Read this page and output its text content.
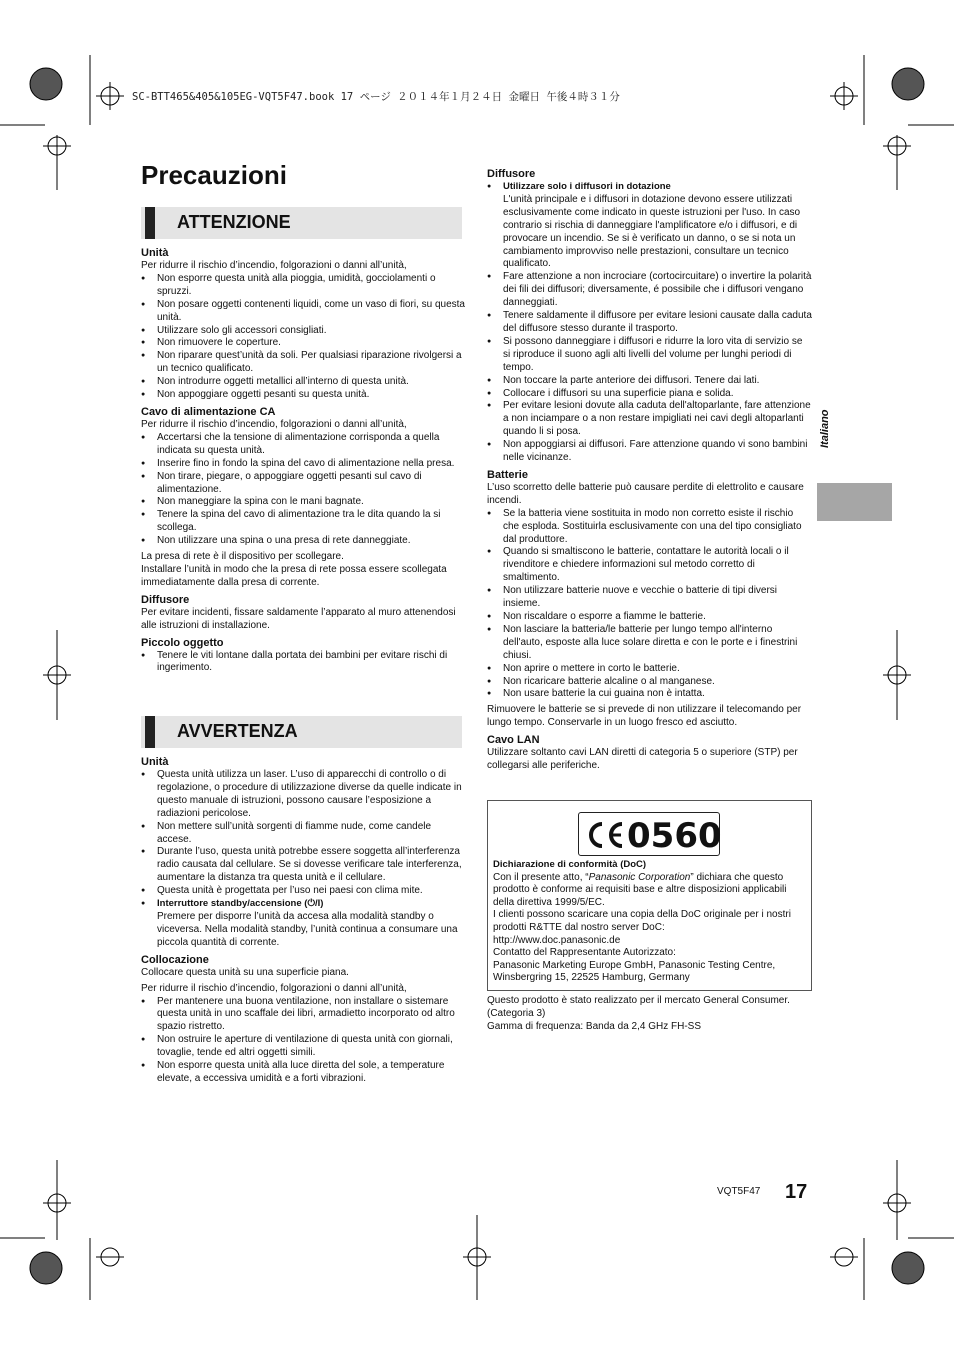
SC-BTT465&405&105EG-VQT5F47.book 17 ページ ２０１４年１月２４日 金曜日 午後４時３１分
Precauzioni
ATTENZIONE
Unità

Per ridurre il rischio d’incendio, folgorazioni o danni all’unità,

● Non esporre questa unità alla pioggia, umidità, gocciolamenti o spruzzi.
● Non posare oggetti contenenti liquidi, come un vaso di fiori, su questa unità.
● Utilizzare solo gli accessori consigliati.
● Non rimuovere le coperture.
● Non riparare quest’unità da soli. Per qualsiasi riparazione rivolgersi a un tecnico qualificato.
● Non introdurre oggetti metallici all’interno di questa unità.
● Non appoggiare oggetti pesanti su questa unità.
Cavo di alimentazione CA

Per ridurre il rischio d’incendio, folgorazioni o danni all’unità,

● Accertarsi che la tensione di alimentazione corrisponda a quella indicata su questa unità.
● Inserire fino in fondo la spina del cavo di alimentazione nella presa.
● Non tirare, piegare, o appoggiare oggetti pesanti sul cavo di alimentazione.
● Non maneggiare la spina con le mani bagnate.
● Tenere la spina del cavo di alimentazione tra le dita quando la si scollega.
● Non utilizzare una spina o una presa di rete danneggiate.

La presa di rete è il dispositivo per scollegare.

Installare l’unità in modo che la presa di rete possa essere scollegata immediatamente dalla presa di corrente.

Diffusore

Per evitare incidenti, fissare saldamente l’apparato al muro attenendosi alle istruzioni di installazione.

Piccolo oggetto
● Tenere le viti lontane dalla portata dei bambini per evitare rischi di ingerimento.
AVVERTENZA
Unità
● Questa unità utilizza un laser. L’uso di apparecchi di controllo o di regolazione, o procedure di utilizzazione diverse da quelle indicate in questo manuale di istruzioni, possono causare l’esposizione a radiazioni pericolose.
● Non mettere sull’unità sorgenti di fiamme nude, come candele accese.
● Durante l’uso, questa unità potrebbe essere soggetta all’interferenza radio causata dal cellulare. Se si dovesse verificare tale interferenza, aumentare la distanza tra questa unità e il cellulare.
● Questa unità è progettata per l’uso nei paesi con clima mite.
● Interruttore standby/accensione (⏻/I)
Premere per disporre l’unità da accesa alla modalità standby o viceversa. Nella modalità standby, l’unità continua a consumare una piccola quantità di corrente.
Collocazione

Collocare questa unità su una superficie piana.

Per ridurre il rischio d’incendio, folgorazioni o danni all’unità,

● Per mantenere una buona ventilazione, non installare o sistemare questa unità in uno scaffale dei libri, armadietto incorporato od altro spazio ristretto.
● Non ostruire le aperture di ventilazione di questa unità con giornali, tovaglie, tende ed altri oggetti simili.
● Non esporre questa unità alla luce diretta del sole, a temperature elevate, a eccessiva umidità e a forti vibrazioni.
Diffusore
● Utilizzare solo i diffusori in dotazione
L'unità principale e i diffusori in dotazione devono essere utilizzati esclusivamente come indicato in queste istruzioni per l'uso. In caso contrario si rischia di danneggiare l'amplificatore e/o i diffusori, e di provocare un incendio. Se si è verificato un danno, o se si nota un cambiamento improvviso nelle prestazioni, consultare un tecnico qualificato.
● Fare attenzione a non incrociare (cortocircuitare) o invertire la polarità dei fili dei diffusori; diversamente, é possibile che i diffusori vengano danneggiati.
● Tenere saldamente il diffusore per evitare lesioni causate dalla caduta del diffusore stesso durante il trasporto.
● Si possono danneggiare i diffusori e ridurre la loro vita di servizio se si riproduce il suono agli alti livelli del volume per lunghi periodi di tempo.
● Non toccare la parte anteriore dei diffusori. Tenere dai lati.
● Collocare i diffusori su una superficie piana e solida.
● Per evitare lesioni dovute alla caduta dell'altoparlante, fare attenzione a non inciampare o a non restare impigliati nei cavi degli altoparlanti quando li si posa.
● Non appoggiarsi ai diffusori. Fare attenzione quando vi sono bambini nelle vicinanze.
Batterie

L’uso scorretto delle batterie può causare perdite di elettrolito e causare incendi.

● Se la batteria viene sostituita in modo non corretto esiste il rischio che esploda. Sostituirla esclusivamente con una del tipo consigliato dal produttore.
● Quando si smaltiscono le batterie, contattare le autorità locali o il rivenditore e chiedere informazioni sul metodo corretto di smaltimento.
● Non utilizzare batterie nuove e vecchie o batterie di tipi diversi insieme.
● Non riscaldare o esporre a fiamme le batterie.
● Non lasciare la batteria/le batterie per lungo tempo all'interno dell'auto, esposte alla luce solare diretta e con le porte e i finestrini chiusi.
● Non aprire o mettere in corto le batterie.
● Non ricaricare batterie alcaline o al manganese.
● Non usare batterie la cui guaina non è intatta.

Rimuovere le batterie se si prevede di non utilizzare il telecomando per lungo tempo. Conservarle in un luogo fresco ed asciutto.

Cavo LAN

Utilizzare soltanto cavi LAN diretti di categoria 5 o superiore (STP) per collegarsi alle periferiche.

0560
Dichiarazione di conformità (DoC)
Con il presente atto, “Panasonic Corporation” dichiara che questo prodotto è conforme ai requisiti base e altre disposizioni applicabili della direttiva 1999/5/EC.
I clienti possono scaricare una copia della DoC originale per i nostri prodotti R&TTE dal nostro server DoC:
http://www.doc.panasonic.de
Contatto del Rappresentante Autorizzato:
Panasonic Marketing Europe GmbH, Panasonic Testing Centre, Winsbergring 15, 22525 Hamburg, Germany

Questo prodotto è stato realizzato per il mercato General Consumer. (Categoria 3)

Gamma di frequenza: Banda da 2,4 GHz FH-SS

Italiano
VQT5F47 17
